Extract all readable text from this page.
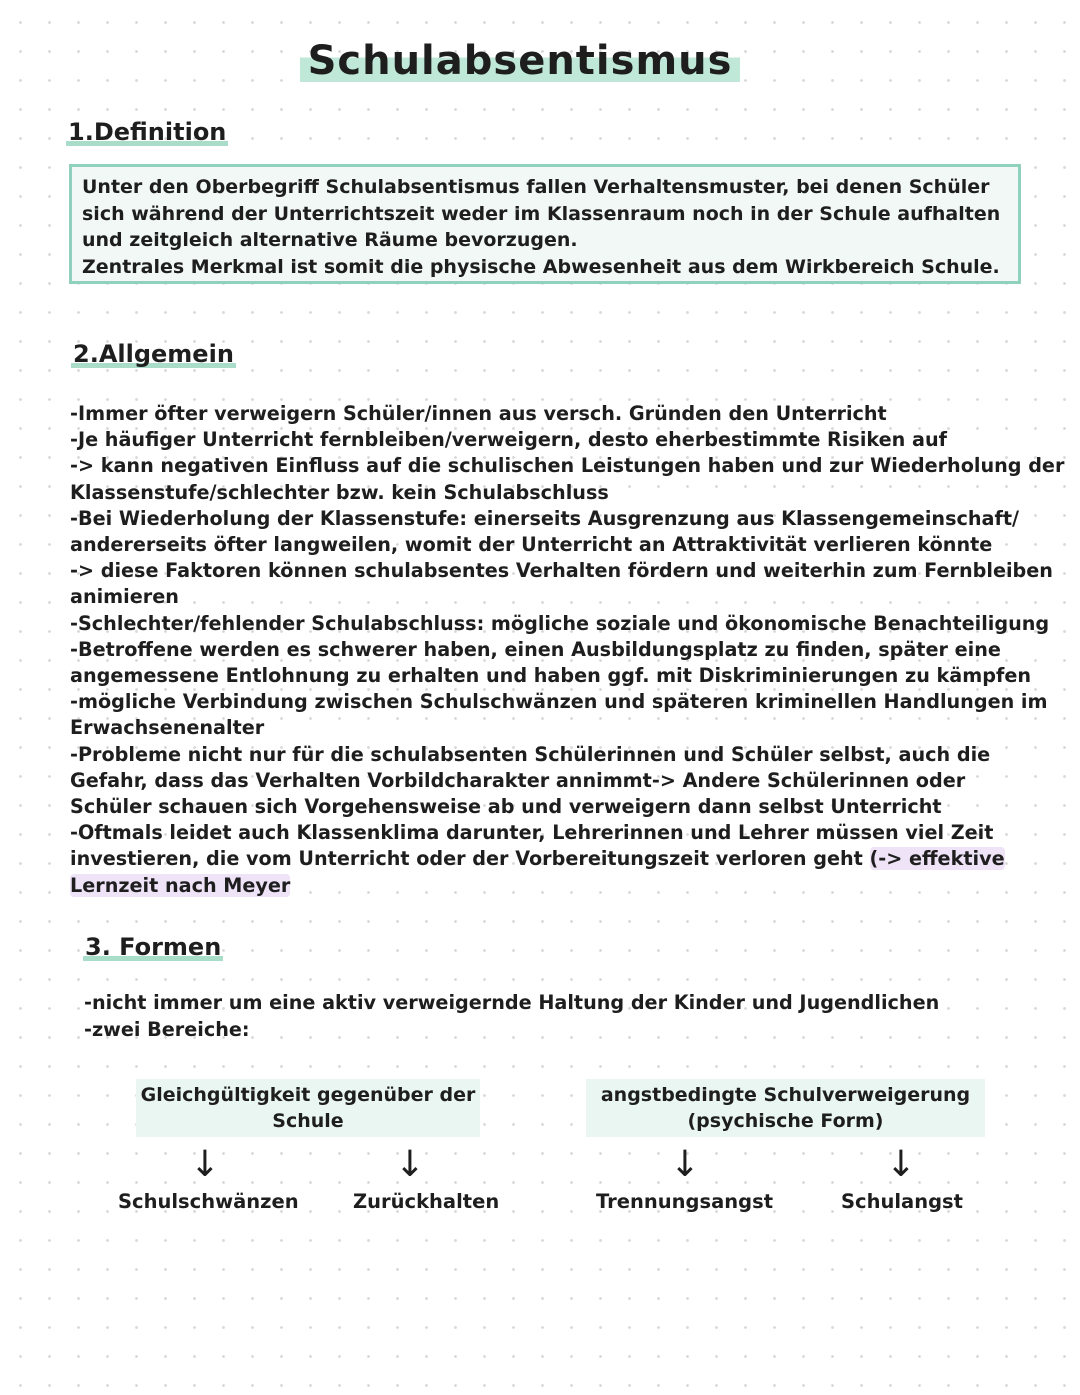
Schulabsentismus
1.Definition
Unter den Oberbegriff Schulabsentismus fallen Verhaltensmuster, bei denen Schüler
sich während der Unterrichtszeit weder im Klassenraum noch in der Schule aufhalten
und zeitgleich alternative Räume bevorzugen.
Zentrales Merkmal ist somit die physische Abwesenheit aus dem Wirkbereich Schule.
2.Allgemein
-Immer öfter verweigern Schüler/innen aus versch. Gründen den Unterricht
-Je häufiger Unterricht fernbleiben/verweigern, desto eherbestimmte Risiken auf
-> kann negativen Einfluss auf die schulischen Leistungen haben und zur Wiederholung der
Klassenstufe/schlechter bzw. kein Schulabschluss
-Bei Wiederholung der Klassenstufe: einerseits Ausgrenzung aus Klassengemeinschaft/
andererseits öfter langweilen, womit der Unterricht an Attraktivität verlieren könnte
-> diese Faktoren können schulabsentes Verhalten fördern und weiterhin zum Fernbleiben
animieren
-Schlechter/fehlender Schulabschluss: mögliche soziale und ökonomische Benachteiligung
-Betroffene werden es schwerer haben, einen Ausbildungsplatz zu finden, später eine
angemessene Entlohnung zu erhalten und haben ggf. mit Diskriminierungen zu kämpfen
-mögliche Verbindung zwischen Schulschwänzen und späteren kriminellen Handlungen im
Erwachsenenalter
-Probleme nicht nur für die schulabsenten Schülerinnen und Schüler selbst, auch die
Gefahr, dass das Verhalten Vorbildcharakter annimmt-> Andere Schülerinnen oder
Schüler schauen sich Vorgehensweise ab und verweigern dann selbst Unterricht
-Oftmals leidet auch Klassenklima darunter, Lehrerinnen und Lehrer müssen viel Zeit
investieren, die vom Unterricht oder der Vorbereitungszeit verloren geht (-> effektive
Lernzeit nach Meyer
3. Formen
-nicht immer um eine aktiv verweigernde Haltung der Kinder und Jugendlichen
-zwei Bereiche:
Gleichgültigkeit gegenüber der
Schule
↓	↓
Schulschwänzen	Zurückhalten
angstbedingte Schulverweigerung
(psychische Form)
↓	↓
Trennungsangst	Schulangst
